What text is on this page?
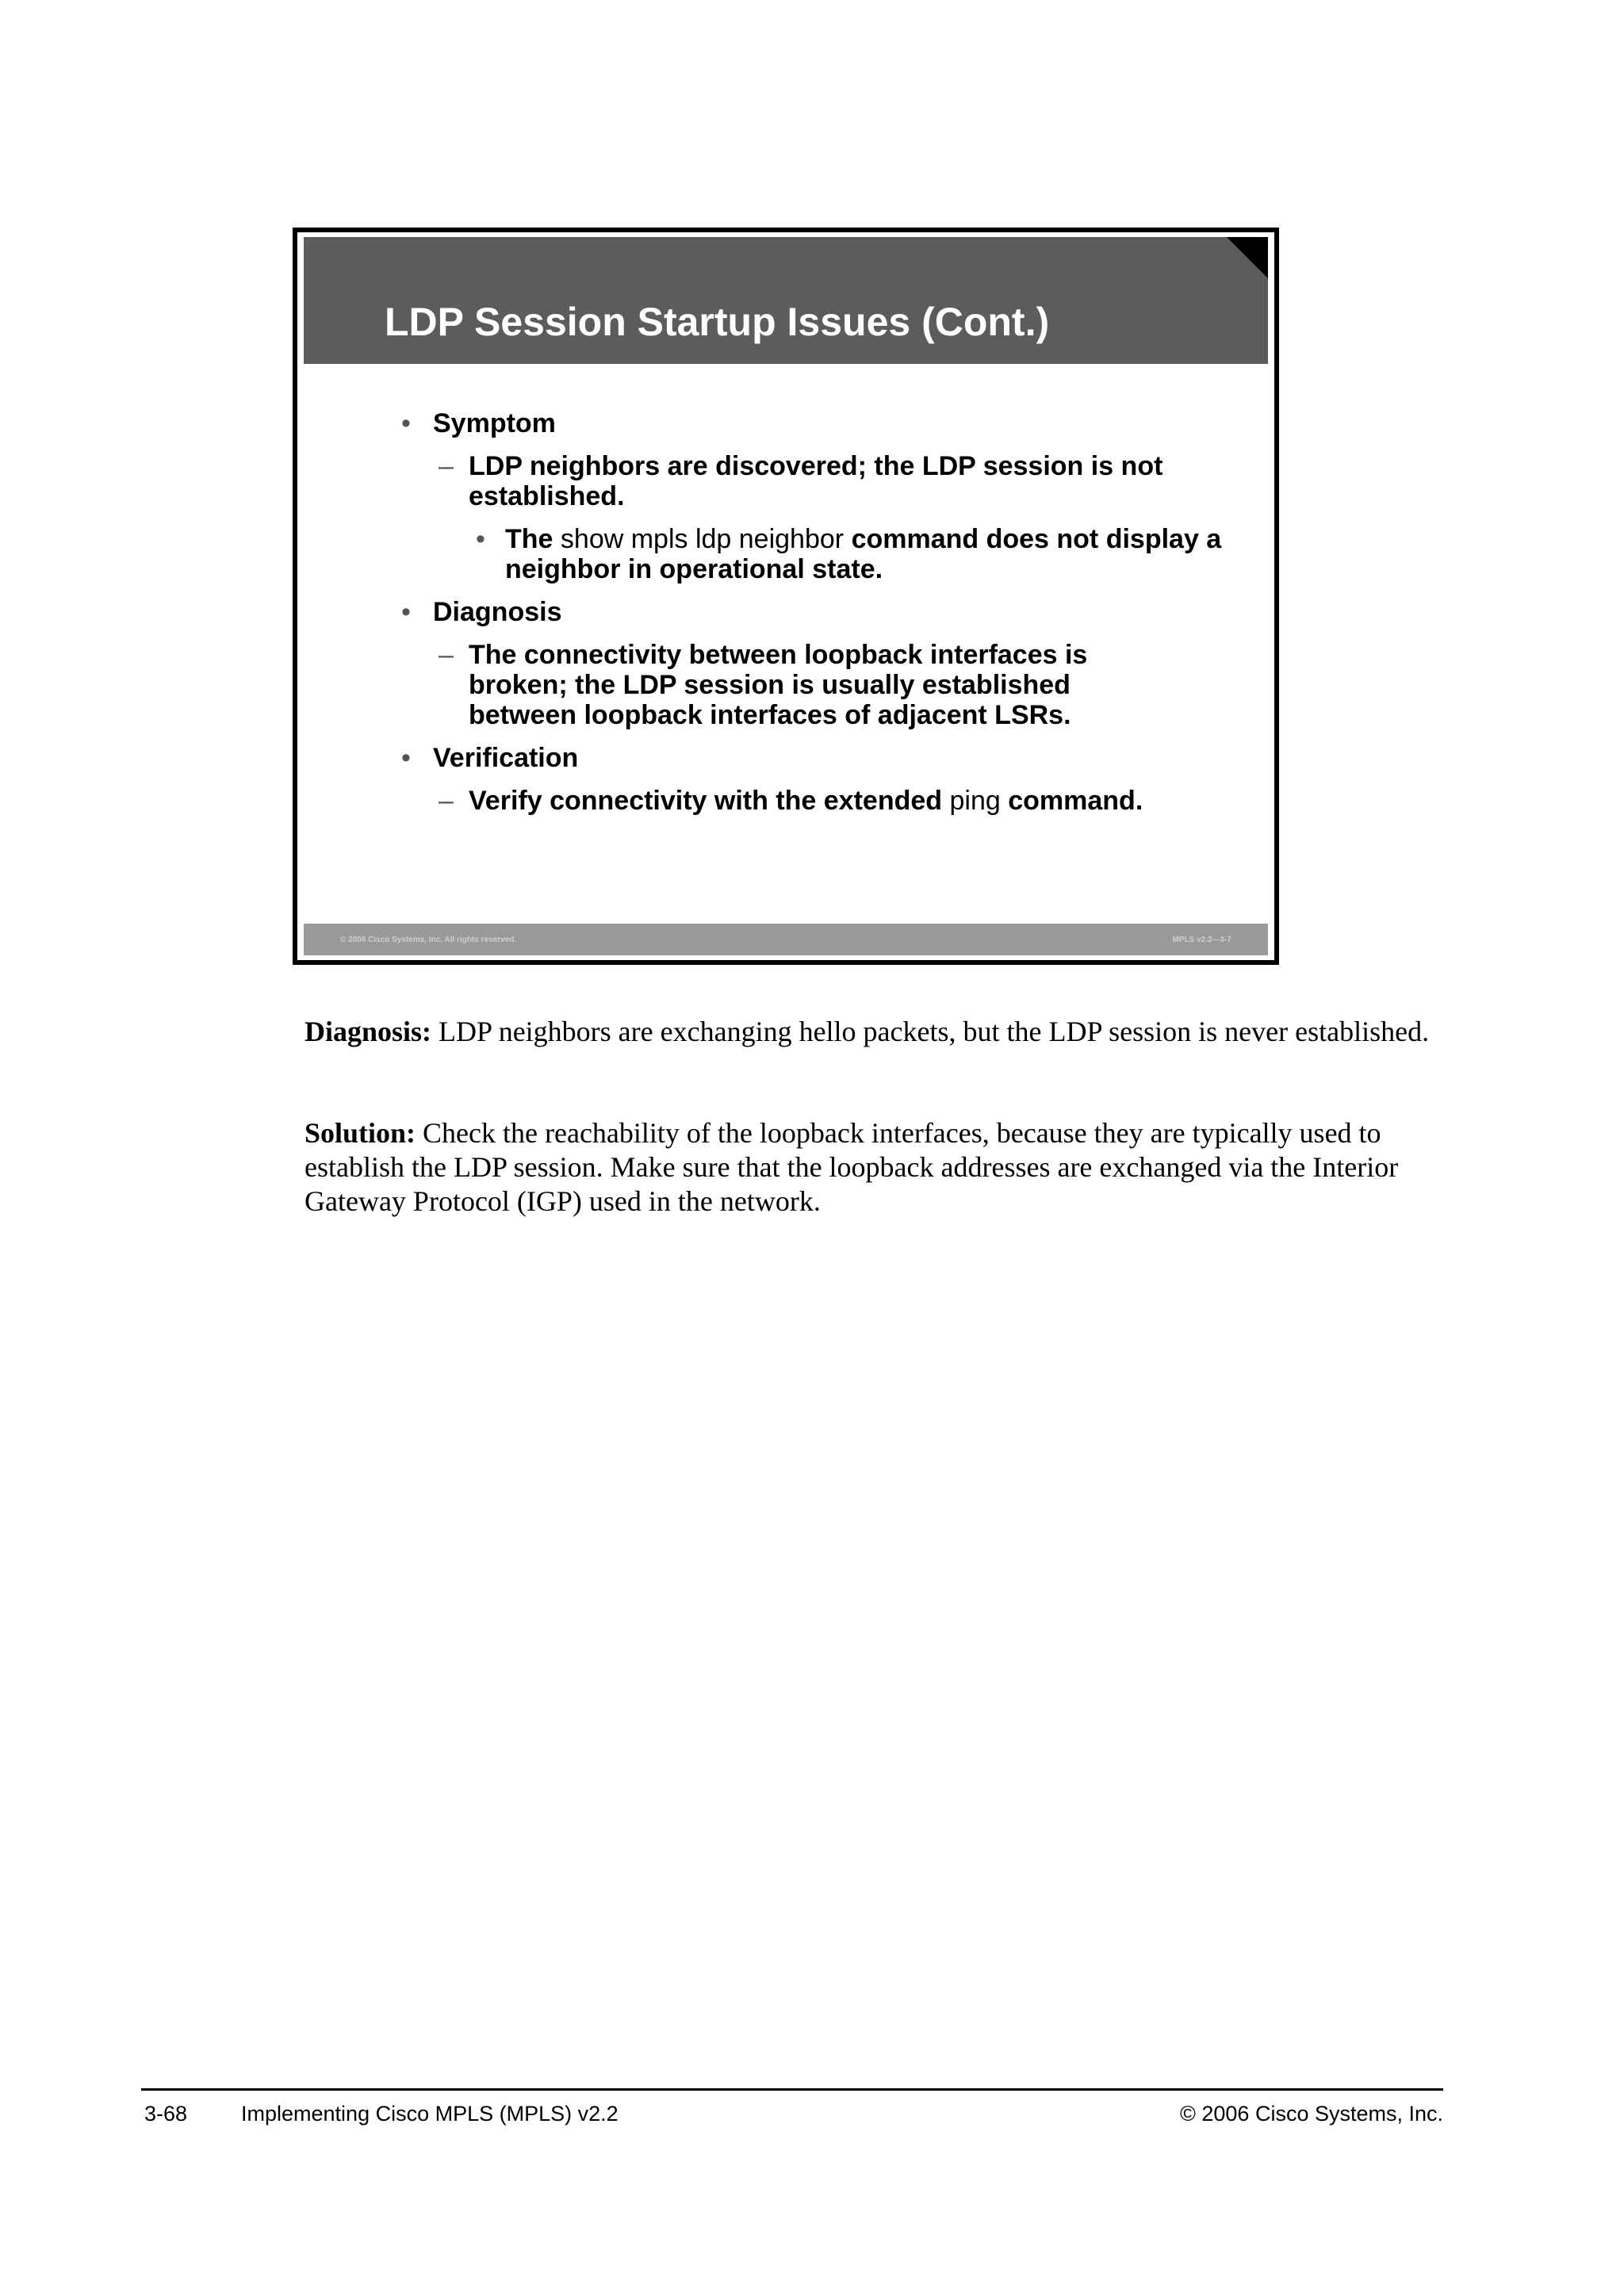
LDP Session Startup Issues (Cont.)
• Symptom
– LDP neighbors are discovered; the LDP session is not established.
• The show mpls ldp neighbor command does not display a neighbor in operational state.
• Diagnosis
– The connectivity between loopback interfaces is broken; the LDP session is usually established between loopback interfaces of adjacent LSRs.
• Verification
– Verify connectivity with the extended ping command.
© 2006 Cisco Systems, Inc. All rights reserved.	MPLS v2.2—3-7
Diagnosis: LDP neighbors are exchanging hello packets, but the LDP session is never established.
Solution: Check the reachability of the loopback interfaces, because they are typically used to establish the LDP session. Make sure that the loopback addresses are exchanged via the Interior Gateway Protocol (IGP) used in the network.
3-68	Implementing Cisco MPLS (MPLS) v2.2	© 2006 Cisco Systems, Inc.
